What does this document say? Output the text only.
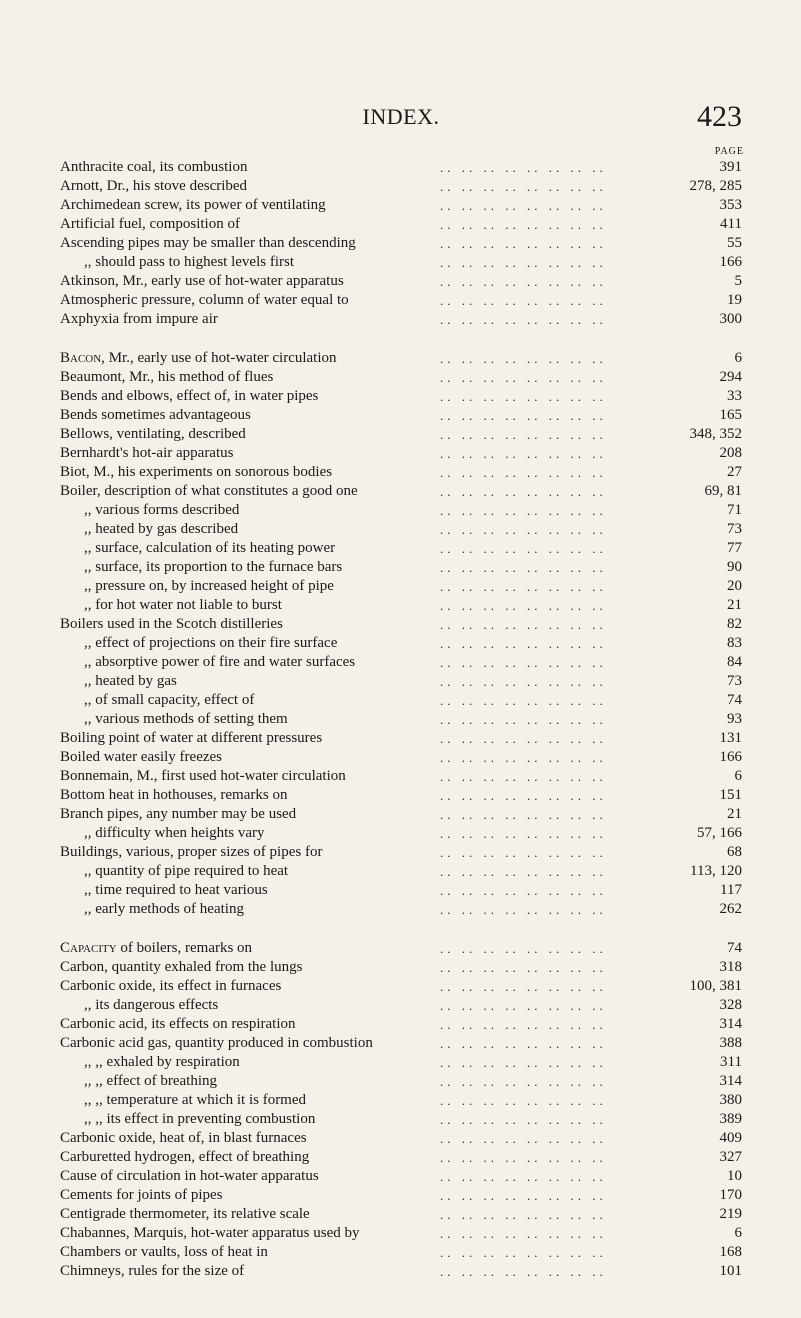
INDEX.	423
PAGE
Anthracite coal, its combustion	.. .. .. .. .. .. .. ..	391
Arnott, Dr., his stove described	.. .. .. .. .. .. .. ..	278, 285
Archimedean screw, its power of ventilating	.. .. .. .. .. .. .. ..	353
Artificial fuel, composition of	.. .. .. .. .. .. .. ..	411
Ascending pipes may be smaller than descending	.. .. .. .. .. .. .. ..	55
,, should pass to highest levels first	.. .. .. .. .. .. .. ..	166
Atkinson, Mr., early use of hot-water apparatus	.. .. .. .. .. .. .. ..	5
Atmospheric pressure, column of water equal to	.. .. .. .. .. .. .. ..	19
Axphyxia from impure air	.. .. .. .. .. .. .. ..	300
Bacon, Mr., early use of hot-water circulation	.. .. .. .. .. .. .. ..	6
Beaumont, Mr., his method of flues	.. .. .. .. .. .. .. ..	294
Bends and elbows, effect of, in water pipes	.. .. .. .. .. .. .. ..	33
Bends sometimes advantageous	.. .. .. .. .. .. .. ..	165
Bellows, ventilating, described	.. .. .. .. .. .. .. ..	348, 352
Bernhardt's hot-air apparatus	.. .. .. .. .. .. .. ..	208
Biot, M., his experiments on sonorous bodies	.. .. .. .. .. .. .. ..	27
Boiler, description of what constitutes a good one	.. .. .. .. .. .. .. ..	69, 81
,, various forms described	.. .. .. .. .. .. .. ..	71
,, heated by gas described	.. .. .. .. .. .. .. ..	73
,, surface, calculation of its heating power	.. .. .. .. .. .. .. ..	77
,, surface, its proportion to the furnace bars	.. .. .. .. .. .. .. ..	90
,, pressure on, by increased height of pipe	.. .. .. .. .. .. .. ..	20
,, for hot water not liable to burst	.. .. .. .. .. .. .. ..	21
Boilers used in the Scotch distilleries	.. .. .. .. .. .. .. ..	82
,, effect of projections on their fire surface	.. .. .. .. .. .. .. ..	83
,, absorptive power of fire and water surfaces	.. .. .. .. .. .. .. ..	84
,, heated by gas	.. .. .. .. .. .. .. ..	73
,, of small capacity, effect of	.. .. .. .. .. .. .. ..	74
,, various methods of setting them	.. .. .. .. .. .. .. ..	93
Boiling point of water at different pressures	.. .. .. .. .. .. .. ..	131
Boiled water easily freezes	.. .. .. .. .. .. .. ..	166
Bonnemain, M., first used hot-water circulation	.. .. .. .. .. .. .. ..	6
Bottom heat in hothouses, remarks on	.. .. .. .. .. .. .. ..	151
Branch pipes, any number may be used	.. .. .. .. .. .. .. ..	21
,, difficulty when heights vary	.. .. .. .. .. .. .. ..	57, 166
Buildings, various, proper sizes of pipes for	.. .. .. .. .. .. .. ..	68
,, quantity of pipe required to heat	.. .. .. .. .. .. .. ..	113, 120
,, time required to heat various	.. .. .. .. .. .. .. ..	117
,, early methods of heating	.. .. .. .. .. .. .. ..	262
Capacity of boilers, remarks on	.. .. .. .. .. .. .. ..	74
Carbon, quantity exhaled from the lungs	.. .. .. .. .. .. .. ..	318
Carbonic oxide, its effect in furnaces	.. .. .. .. .. .. .. ..	100, 381
,, its dangerous effects	.. .. .. .. .. .. .. ..	328
Carbonic acid, its effects on respiration	.. .. .. .. .. .. .. ..	314
Carbonic acid gas, quantity produced in combustion	.. .. .. .. .. .. .. ..	388
,, ,, exhaled by respiration	.. .. .. .. .. .. .. ..	311
,, ,, effect of breathing	.. .. .. .. .. .. .. ..	314
,, ,, temperature at which it is formed	.. .. .. .. .. .. .. ..	380
,, ,, its effect in preventing combustion	.. .. .. .. .. .. .. ..	389
Carbonic oxide, heat of, in blast furnaces	.. .. .. .. .. .. .. ..	409
Carburetted hydrogen, effect of breathing	.. .. .. .. .. .. .. ..	327
Cause of circulation in hot-water apparatus	.. .. .. .. .. .. .. ..	10
Cements for joints of pipes	.. .. .. .. .. .. .. ..	170
Centigrade thermometer, its relative scale	.. .. .. .. .. .. .. ..	219
Chabannes, Marquis, hot-water apparatus used by	.. .. .. .. .. .. .. ..	6
Chambers or vaults, loss of heat in	.. .. .. .. .. .. .. ..	168
Chimneys, rules for the size of	.. .. .. .. .. .. .. ..	101
